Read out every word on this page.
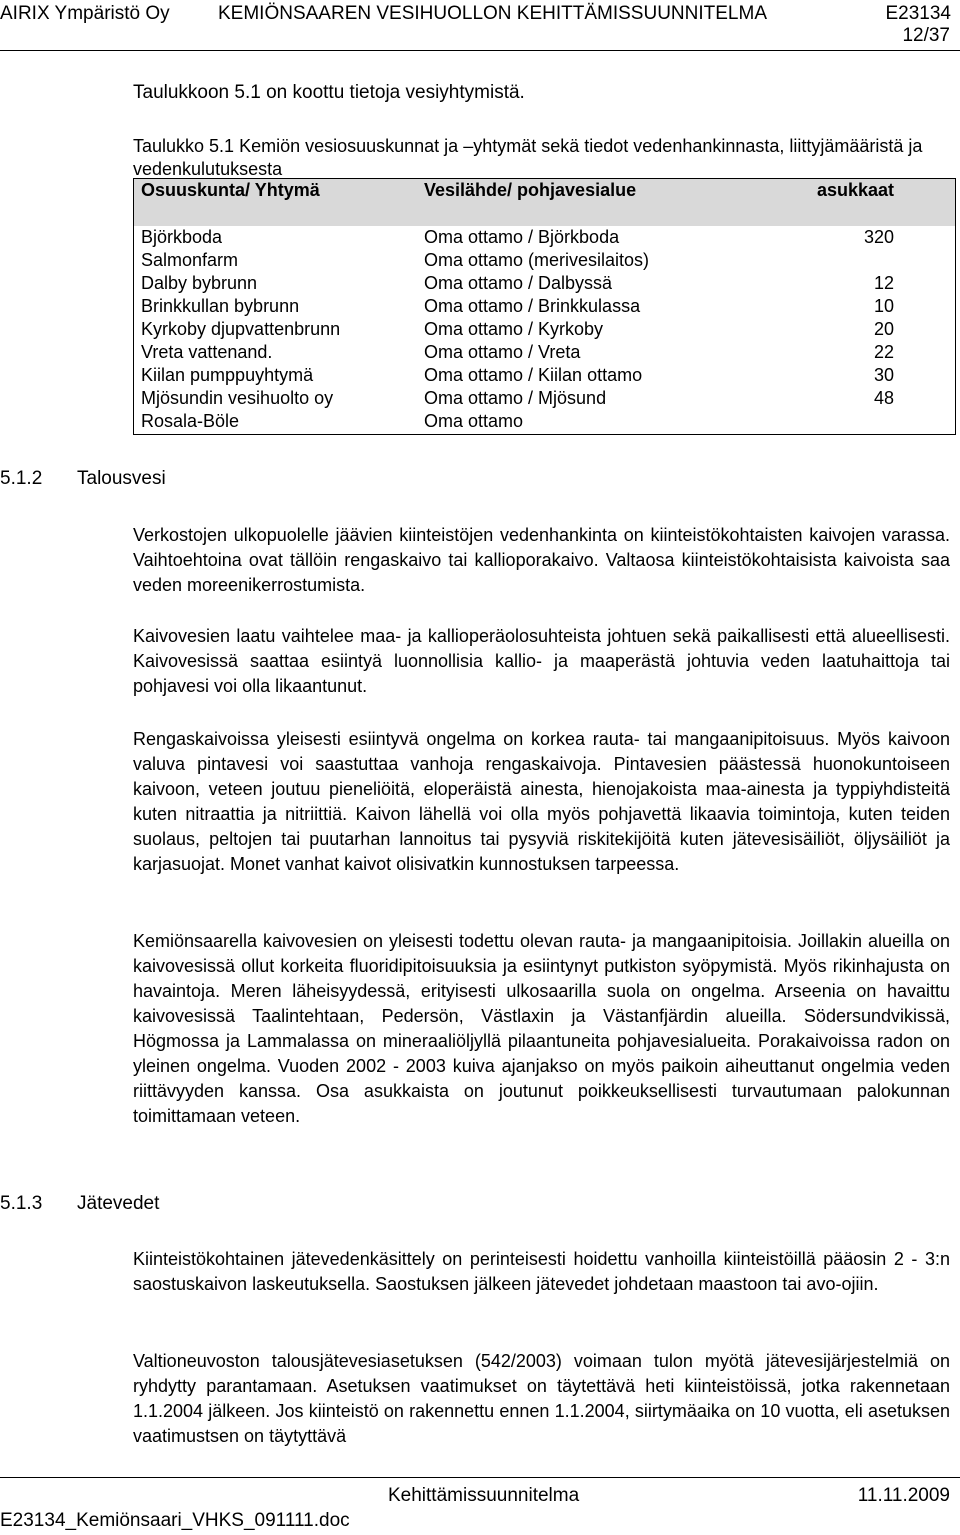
AIRIX Ympäristö Oy	KEMIÖNSAAREN VESIHUOLLON KEHITTÄMISSUUNNITELMA	E23134
12/37
Taulukkoon 5.1 on koottu tietoja vesiyhtymistä.
Taulukko 5.1 Kemiön vesiosuuskunnat ja –yhtymät sekä tiedot vedenhankinnasta, liittyjämääristä ja vedenkulutuksesta
Osuuskunta/ Yhtymä	Vesilähde/ pohjavesialue	asukkaat
Björkboda	Oma ottamo / Björkboda	320
Salmonfarm	Oma ottamo (merivesilaitos)
Dalby bybrunn	Oma ottamo / Dalbyssä	12
Brinkkullan bybrunn	Oma ottamo / Brinkkulassa	10
Kyrkoby djupvattenbrunn	Oma ottamo / Kyrkoby	20
Vreta vattenand.	Oma ottamo / Vreta	22
Kiilan pumppuyhtymä	Oma ottamo / Kiilan ottamo	30
Mjösundin vesihuolto oy	Oma ottamo / Mjösund	48
Rosala-Böle	Oma ottamo
5.1.2 Talousvesi

Verkostojen ulkopuolelle jäävien kiinteistöjen vedenhankinta on kiinteistökohtaisten kaivojen varassa. Vaihtoehtoina ovat tällöin rengaskaivo tai kallioporakaivo. Valtaosa kiinteistökohtaisista kaivoista saa veden moreenikerrostumista.

Kaivovesien laatu vaihtelee maa- ja kallioperäolosuhteista johtuen sekä paikallisesti että alueellisesti. Kaivovesissä saattaa esiintyä luonnollisia kallio- ja maaperästä johtuvia veden laatuhaittoja tai pohjavesi voi olla likaantunut.

Rengaskaivoissa yleisesti esiintyvä ongelma on korkea rauta- tai mangaanipitoisuus. Myös kaivoon valuva pintavesi voi saastuttaa vanhoja rengaskaivoja. Pintavesien päästessä huonokuntoiseen kaivoon, veteen joutuu pieneliöitä, eloperäistä ainesta, hienojakoista maa-ainesta ja typpiyhdisteitä kuten nitraattia ja nitriittiä. Kaivon lähellä voi olla myös pohjavettä likaavia toimintoja, kuten teiden suolaus, peltojen tai puutarhan lannoitus tai pysyviä riskitekijöitä kuten jätevesisäiliöt, öljysäiliöt ja karjasuojat. Monet vanhat kaivot olisivatkin kunnostuksen tarpeessa.

Kemiönsaarella kaivovesien on yleisesti todettu olevan rauta- ja mangaanipitoisia. Joillakin alueilla on kaivovesissä ollut korkeita fluoridipitoisuuksia ja esiintynyt putkiston syöpymistä. Myös rikinhajusta on havaintoja. Meren läheisyydessä, erityisesti ulkosaarilla suola on ongelma. Arseenia on havaittu kaivovesissä Taalintehtaan, Pedersön, Västlaxin ja Västanfjärdin alueilla. Södersundvikissä, Högmossa ja Lammalassa on mineraaliöljyllä pilaantuneita pohjavesialueita. Porakaivoissa radon on yleinen ongelma. Vuoden 2002 - 2003 kuiva ajanjakso on myös paikoin aiheuttanut ongelmia veden riittävyyden kanssa. Osa asukkaista on joutunut poikkeuksellisesti turvautumaan palokunnan toimittamaan veteen.

5.1.3 Jätevedet

Kiinteistökohtainen jätevedenkäsittely on perinteisesti hoidettu vanhoilla kiinteistöillä pääosin 2 - 3:n saostuskaivon laskeutuksella. Saostuksen jälkeen jätevedet johdetaan maastoon tai avo-ojiin.

Valtioneuvoston talousjätevesiasetuksen (542/2003) voimaan tulon myötä jätevesijärjestelmiä on ryhdytty parantamaan. Asetuksen vaatimukset on täytettävä heti kiinteistöissä, jotka rakennetaan 1.1.2004 jälkeen. Jos kiinteistö on rakennettu ennen 1.1.2004, siirtymäaika on 10 vuotta, eli asetuksen vaatimustsen on täytyttävä

E23134_Kemiönsaari_VHKS_091111.doc
Kehittämissuunnitelma	11.11.2009
